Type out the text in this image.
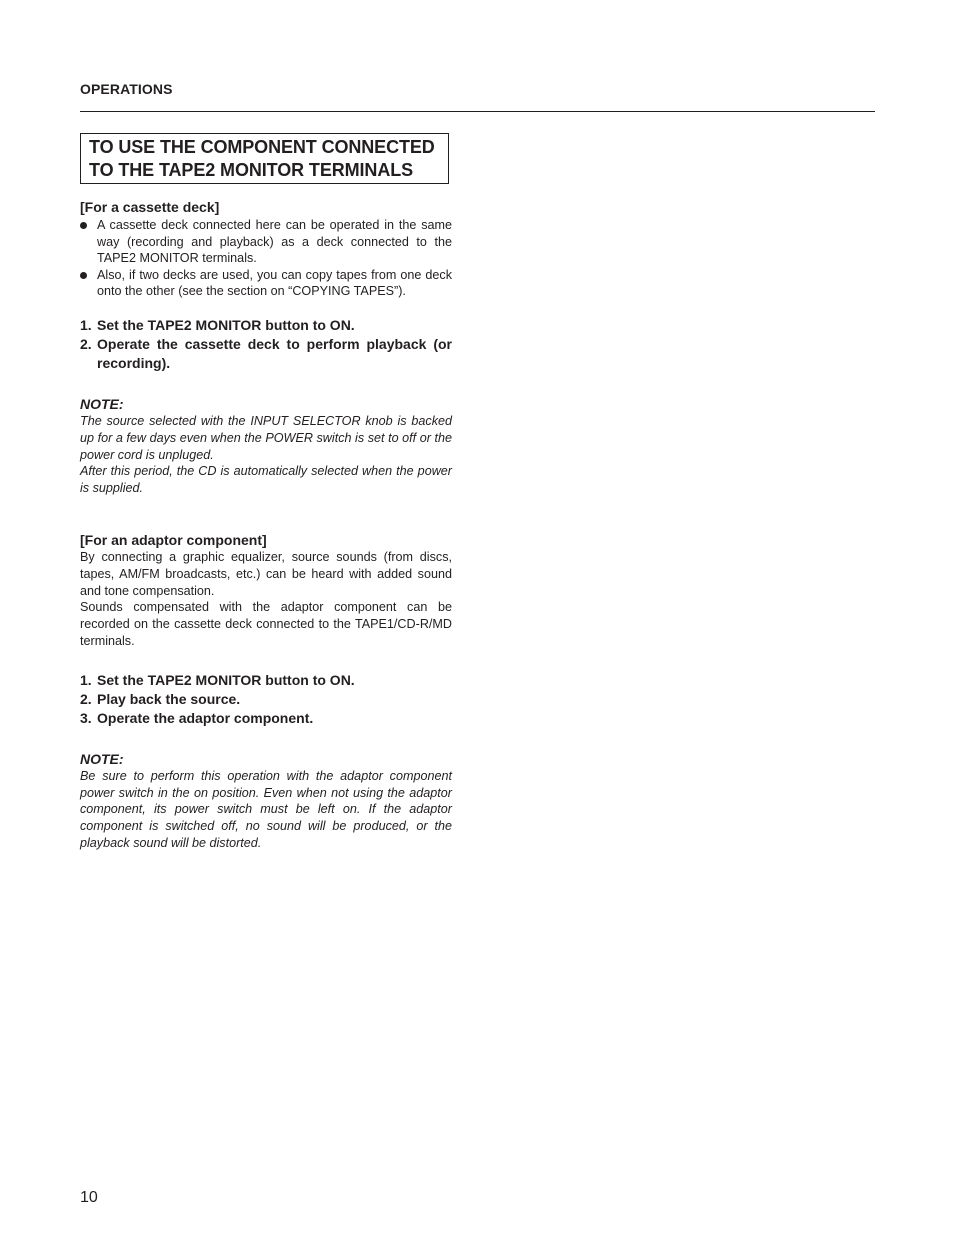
OPERATIONS
TO USE THE COMPONENT CONNECTED
TO THE TAPE2 MONITOR TERMINALS
[For a cassette deck]
A cassette deck connected here can be operated in the same way (recording and playback) as a deck connected to the TAPE2 MONITOR terminals.
Also, if two decks are used, you can copy tapes from one deck onto the other (see the section on “COPYING TAPES”).
1. Set the TAPE2 MONITOR button to ON.
2. Operate the cassette deck to perform playback (or recording).
NOTE:
The source selected with the INPUT SELECTOR knob is backed up for a few days even when the POWER switch is set to off or the power cord is unpluged.
After this period, the CD is automatically selected when the power is supplied.
[For an adaptor component]
By connecting a graphic equalizer, source sounds (from discs, tapes, AM/FM broadcasts, etc.) can be heard with added sound and tone compensation.
Sounds compensated with the adaptor component can be recorded on the cassette deck connected to the TAPE1/CD-R/MD terminals.
1. Set the TAPE2 MONITOR button to ON.
2. Play back the source.
3. Operate the adaptor component.
NOTE:
Be sure to perform this operation with the adaptor component power switch in the on position. Even when not using the adaptor component, its power switch must be left on. If the adaptor component is switched off, no sound will be produced, or the playback sound will be distorted.
10
